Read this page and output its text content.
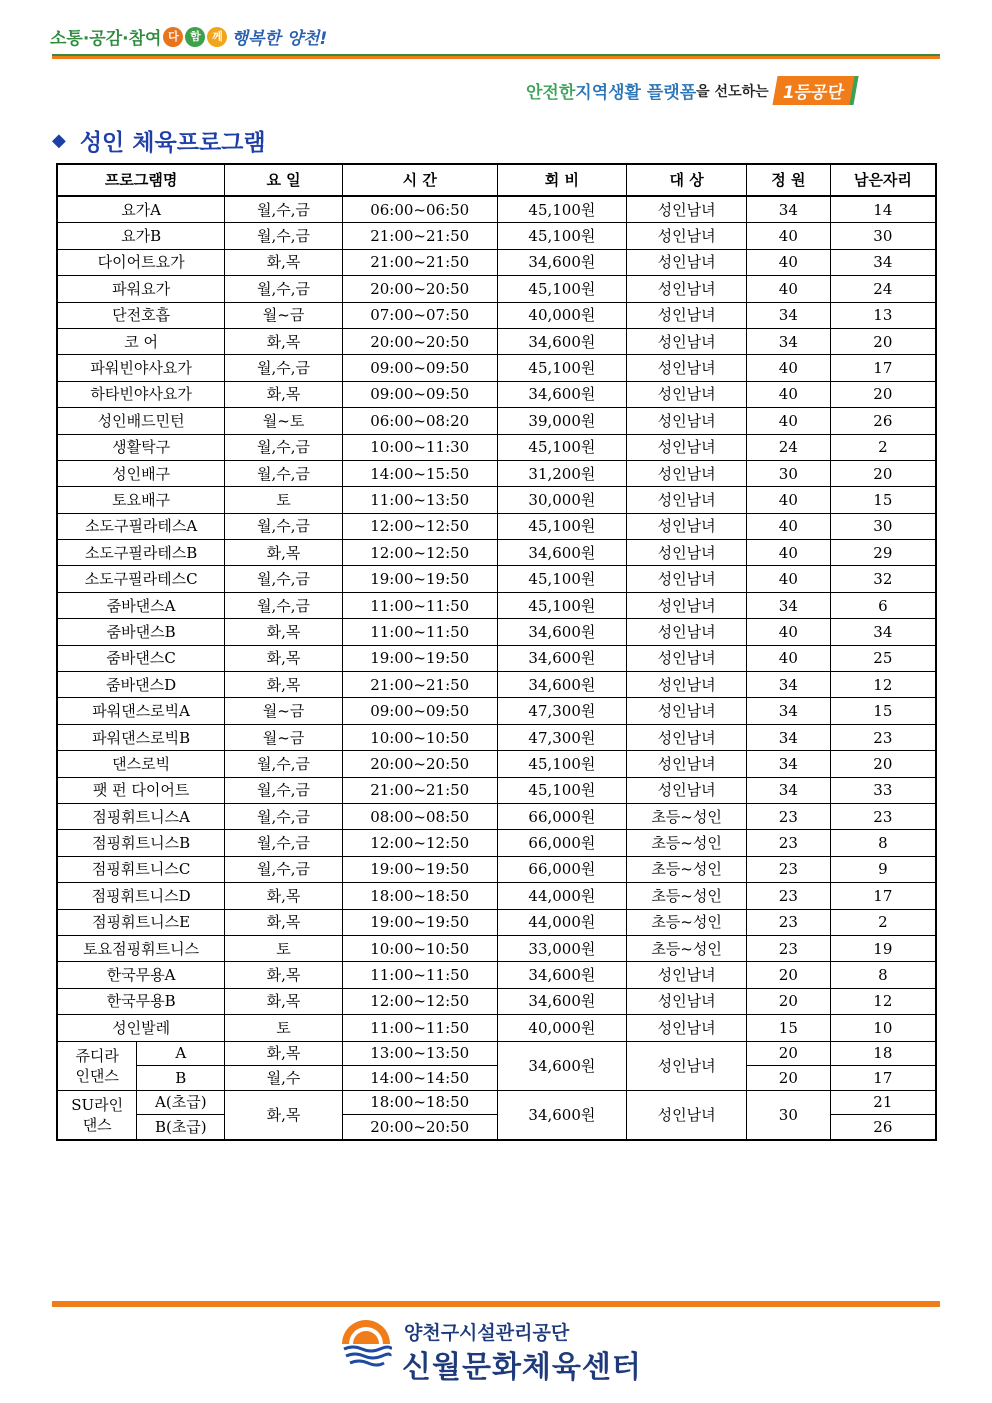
소통·공감·참여 다	함	께 행복한 양천!
안전한 지역생활 플랫폼 을 선도하는 1등공단
◆ 성인 체육프로그램
프로그램명		요 일	시 간	회 비	대 상	정 원	남은자리
요가A		월,수,금	06:00~06:50	45,100원	성인남녀	34	14
요가B		월,수,금	21:00~21:50	45,100원	성인남녀	40	30
다이어트요가		화,목	21:00~21:50	34,600원	성인남녀	40	34
파워요가		월,수,금	20:00~20:50	45,100원	성인남녀	40	24
단전호흡		월~금	07:00~07:50	40,000원	성인남녀	34	13
코 어		화,목	20:00~20:50	34,600원	성인남녀	34	20
파워빈야사요가		월,수,금	09:00~09:50	45,100원	성인남녀	40	17
하타빈야사요가		화,목	09:00~09:50	34,600원	성인남녀	40	20
성인배드민턴		월~토	06:00~08:20	39,000원	성인남녀	40	26
생활탁구		월,수,금	10:00~11:30	45,100원	성인남녀	24	2
성인배구		월,수,금	14:00~15:50	31,200원	성인남녀	30	20
토요배구		토	11:00~13:50	30,000원	성인남녀	40	15
소도구필라테스A		월,수,금	12:00~12:50	45,100원	성인남녀	40	30
소도구필라테스B		화,목	12:00~12:50	34,600원	성인남녀	40	29
소도구필라테스C		월,수,금	19:00~19:50	45,100원	성인남녀	40	32
줌바댄스A		월,수,금	11:00~11:50	45,100원	성인남녀	34	6
줌바댄스B		화,목	11:00~11:50	34,600원	성인남녀	40	34
줌바댄스C		화,목	19:00~19:50	34,600원	성인남녀	40	25
줌바댄스D		화,목	21:00~21:50	34,600원	성인남녀	34	12
파워댄스로빅A		월~금	09:00~09:50	47,300원	성인남녀	34	15
파워댄스로빅B		월~금	10:00~10:50	47,300원	성인남녀	34	23
댄스로빅		월,수,금	20:00~20:50	45,100원	성인남녀	34	20
팻 펀 다이어트		월,수,금	21:00~21:50	45,100원	성인남녀	34	33
점핑휘트니스A		월,수,금	08:00~08:50	66,000원	초등~성인	23	23
점핑휘트니스B		월,수,금	12:00~12:50	66,000원	초등~성인	23	8
점핑휘트니스C		월,수,금	19:00~19:50	66,000원	초등~성인	23	9
점핑휘트니스D		화,목	18:00~18:50	44,000원	초등~성인	23	17
점핑휘트니스E		화,목	19:00~19:50	44,000원	초등~성인	23	2
토요점핑휘트니스		토	10:00~10:50	33,000원	초등~성인	23	19
한국무용A		화,목	11:00~11:50	34,600원	성인남녀	20	8
한국무용B		화,목	12:00~12:50	34,600원	성인남녀	20	12
성인발레		토	11:00~11:50	40,000원	성인남녀	15	10
쥬디라
인댄스	A	화,목	13:00~13:50	34,600원	성인남녀	20	18
	B	월,수	14:00~14:50			20	17
SU라인
댄스	A(초급)	화,목	18:00~18:50	34,600원	성인남녀	30	21
	B(초급)		20:00~20:50				26
양천구시설관리공단
신월문화체육센터
